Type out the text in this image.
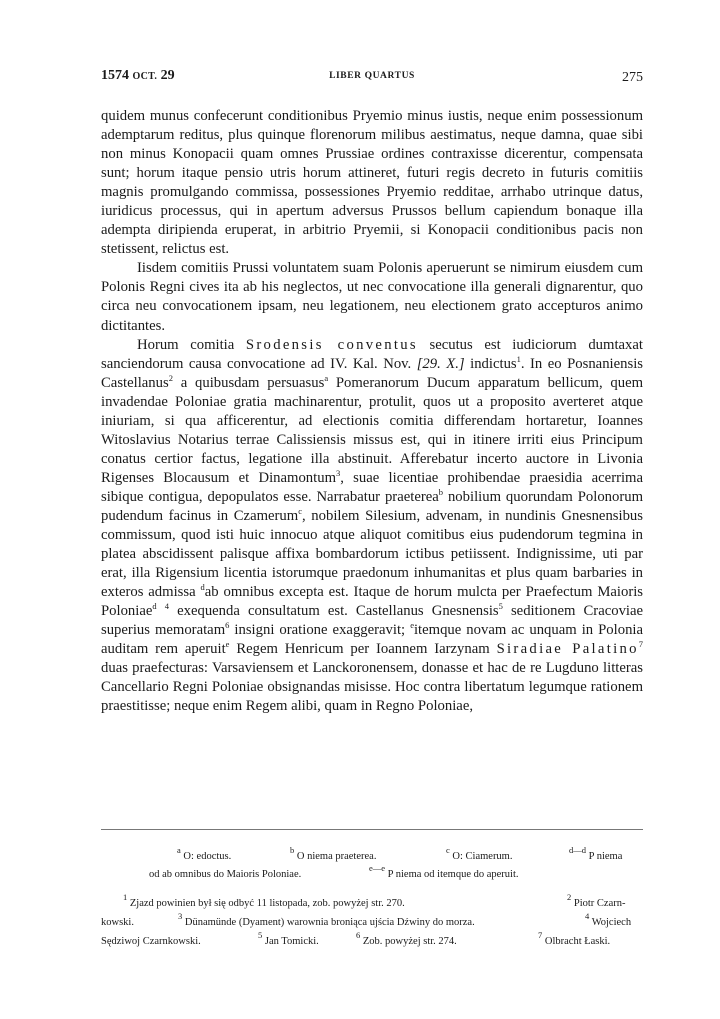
1574 OCT. 29	LIBER QUARTUS	275

quidem munus confecerunt conditionibus Pryemio minus iustis, neque enim possessionum ademptarum reditus, plus quinque florenorum milibus aestimatus, neque damna, quae sibi non minus Konopacii quam omnes Prussiae ordines contraxisse dicerentur, compensata sunt; horum itaque pensio utris horum attineret, futuri regis decreto in futuris comitiis magnis promulgando commissa, possessiones Pryemio redditae, arrhabo utrinque datus, iuridicus processus, qui in apertum adversus Prussos bellum capiendum bonaque illa adempta diripienda eruperat, in arbitrio Pryemii, si Konopacii conditionibus pacis non stetissent, relictus est.

Iisdem comitiis Prussi voluntatem suam Polonis aperuerunt se nimirum eiusdem cum Polonis Regni cives ita ab his neglectos, ut nec convocatione illa generali dignarentur, quo circa neu convocationem ipsam, neu legationem, neu electionem grato accepturos animo dictitantes.

Horum comitia Srodensis conventus secutus est iudiciorum dumtaxat sanciendorum causa convocatione ad IV. Kal. Nov. [29. X.] indictus$^1$. In eo Posnaniensis Castellanus$^2$ a quibusdam persuasus$^a$ Pomeranorum Ducum apparatum bellicum, quem invadendae Poloniae gratia machinarentur, protulit, quos ut a proposito averteret atque iniuriam, si qua afficerentur, ad electionis comitia differendam hortaretur, Ioannes Witoslavius Notarius terrae Calissiensis missus est, qui in itinere irriti eius Principum conatus certior factus, legatione illa abstinuit. Afferebatur incerto auctore in Livonia Rigenses Blocausum et Dinamontum$^3$, suae licentiae prohibendae praesidia acerrima sibique contigua, depopulatos esse. Narrabatur praeterea$^b$ nobilium quorundam Polonorum pudendum facinus in Czamerum$^c$, nobilem Silesium, advenam, in nundinis Gnesnensibus commissum, quod isti huic innocuo atque aliquot comitibus eius pudendorum tegmina in platea abscidissent palisque affixa bombardorum ictibus petiissent. Indignissime, uti par erat, illa Rigensium licentia istorumque praedonum inhumanitas et plus quam barbaries in exteros admissa $^d$ab omnibus excepta est. Itaque de horum mulcta per Praefectum Maioris Poloniae$^d$ $^4$ exequenda consultatum est. Castellanus Gnesnensis$^5$ seditionem Cracoviae superius memoratam$^6$ insigni oratione exaggeravit; $^e$itemque novam ac unquam in Polonia auditam rem aperuit$^e$ Regem Henricum per Ioannem Iarzynam Siradiae Palatino$^7$ duas praefecturas: Varsaviensem et Lanckoronensem, donasse et hac de re Lugduno litteras Cancellario Regni Poloniae obsignandas misisse. Hoc contra libertatum legumque rationem praestitisse; neque enim Regem alibi, quam in Regno Poloniae,

$^a$ O: edoctus.
$^b$ O niema praeterea.
$^c$ O: Ciamerum.
$^{d—d}$ P niema
od ab omnibus do Maioris Poloniae.
$^{e—e}$ P niema od itemque do aperuit.
$^1$ Zjazd powinien był się odbyć 11 listopada, zob. powyżej str. 270.
$^2$ Piotr Czarn-
kowski.
$^3$ Dünamünde (Dyament) warownia broniąca ujścia Dźwiny do morza.
$^4$ Wojciech
Sędziwoj Czarnkowski.
$^5$ Jan Tomicki.
$^6$ Zob. powyżej str. 274.
$^7$ Olbracht Łaski.
